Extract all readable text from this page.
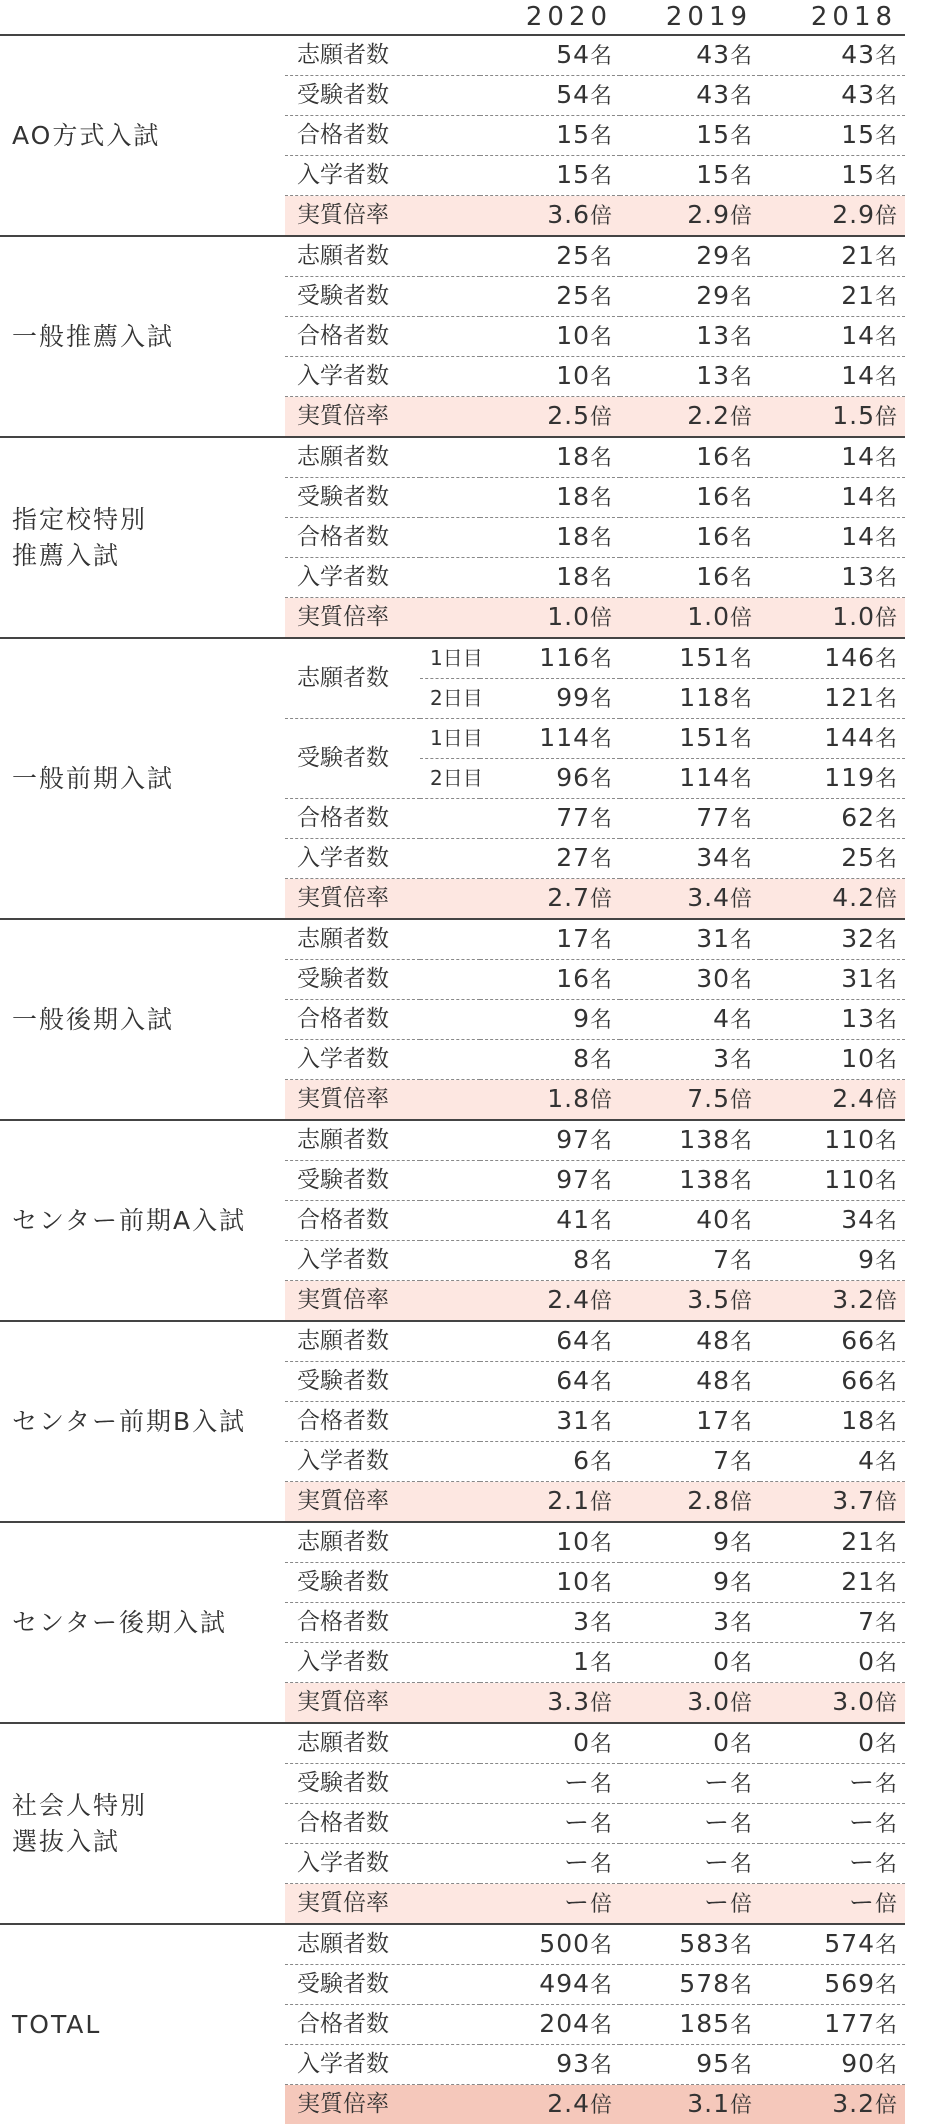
			2020	2019	2018
AO方式入試	志願者数		54名	43名	43名
	受験者数		54名	43名	43名
	合格者数		15名	15名	15名
	入学者数		15名	15名	15名
	実質倍率		3.6倍	2.9倍	2.9倍
一般推薦入試	志願者数		25名	29名	21名
	受験者数		25名	29名	21名
	合格者数		10名	13名	14名
	入学者数		10名	13名	14名
	実質倍率		2.5倍	2.2倍	1.5倍
指定校特別
推薦入試	志願者数		18名	16名	14名
	受験者数		18名	16名	14名
	合格者数		18名	16名	14名
	入学者数		18名	16名	13名
	実質倍率		1.0倍	1.0倍	1.0倍
一般前期入試	志願者数	1日目	116名	151名	146名
		2日目	99名	118名	121名
	受験者数	1日目	114名	151名	144名
		2日目	96名	114名	119名
	合格者数		77名	77名	62名
	入学者数		27名	34名	25名
	実質倍率		2.7倍	3.4倍	4.2倍
一般後期入試	志願者数		17名	31名	32名
	受験者数		16名	30名	31名
	合格者数		9名	4名	13名
	入学者数		8名	3名	10名
	実質倍率		1.8倍	7.5倍	2.4倍
センター前期A入試	志願者数		97名	138名	110名
	受験者数		97名	138名	110名
	合格者数		41名	40名	34名
	入学者数		8名	7名	9名
	実質倍率		2.4倍	3.5倍	3.2倍
センター前期B入試	志願者数		64名	48名	66名
	受験者数		64名	48名	66名
	合格者数		31名	17名	18名
	入学者数		6名	7名	4名
	実質倍率		2.1倍	2.8倍	3.7倍
センター後期入試	志願者数		10名	9名	21名
	受験者数		10名	9名	21名
	合格者数		3名	3名	7名
	入学者数		1名	0名	0名
	実質倍率		3.3倍	3.0倍	3.0倍
社会人特別
選抜入試	志願者数		0名	0名	0名
	受験者数		ー名	ー名	ー名
	合格者数		ー名	ー名	ー名
	入学者数		ー名	ー名	ー名
	実質倍率		ー倍	ー倍	ー倍
TOTAL	志願者数		500名	583名	574名
	受験者数		494名	578名	569名
	合格者数		204名	185名	177名
	入学者数		93名	95名	90名
	実質倍率		2.4倍	3.1倍	3.2倍
